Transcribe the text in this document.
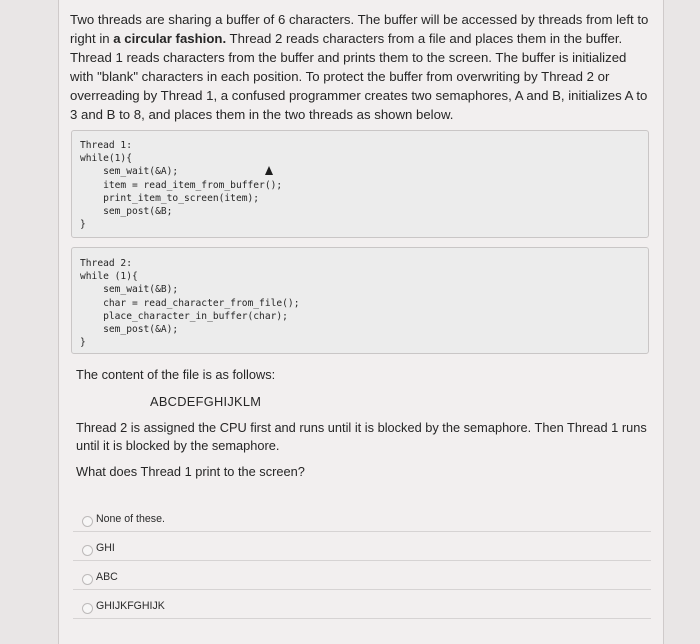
Two threads are sharing a buffer of 6 characters. The buffer will be accessed by threads from left to right in a circular fashion. Thread 2 reads characters from a file and places them in the buffer. Thread 1 reads characters from the buffer and prints them to the screen. The buffer is initialized with "blank" characters in each position. To protect the buffer from overwriting by Thread 2 or overreading by Thread 1, a confused programmer creates two semaphores, A and B, initializes A to 3 and B to 8, and places them in the two threads as shown below.
Thread 1:
while(1){
sem_wait(&A);
item = read_item_from_buffer();
print_item_to_screen(item);
sem_post(&B;
}
Thread 2:
while (1){
sem_wait(&B);
char = read_character_from_file();
place_character_in_buffer(char);
sem_post(&A);
}
The content of the file is as follows:
ABCDEFGHIJKLM
Thread 2 is assigned the CPU first and runs until it is blocked by the semaphore. Then Thread 1 runs until it is blocked by the semaphore.
What does Thread 1 print to the screen?
None of these.
GHI
ABC
GHIJKFGHIJK
